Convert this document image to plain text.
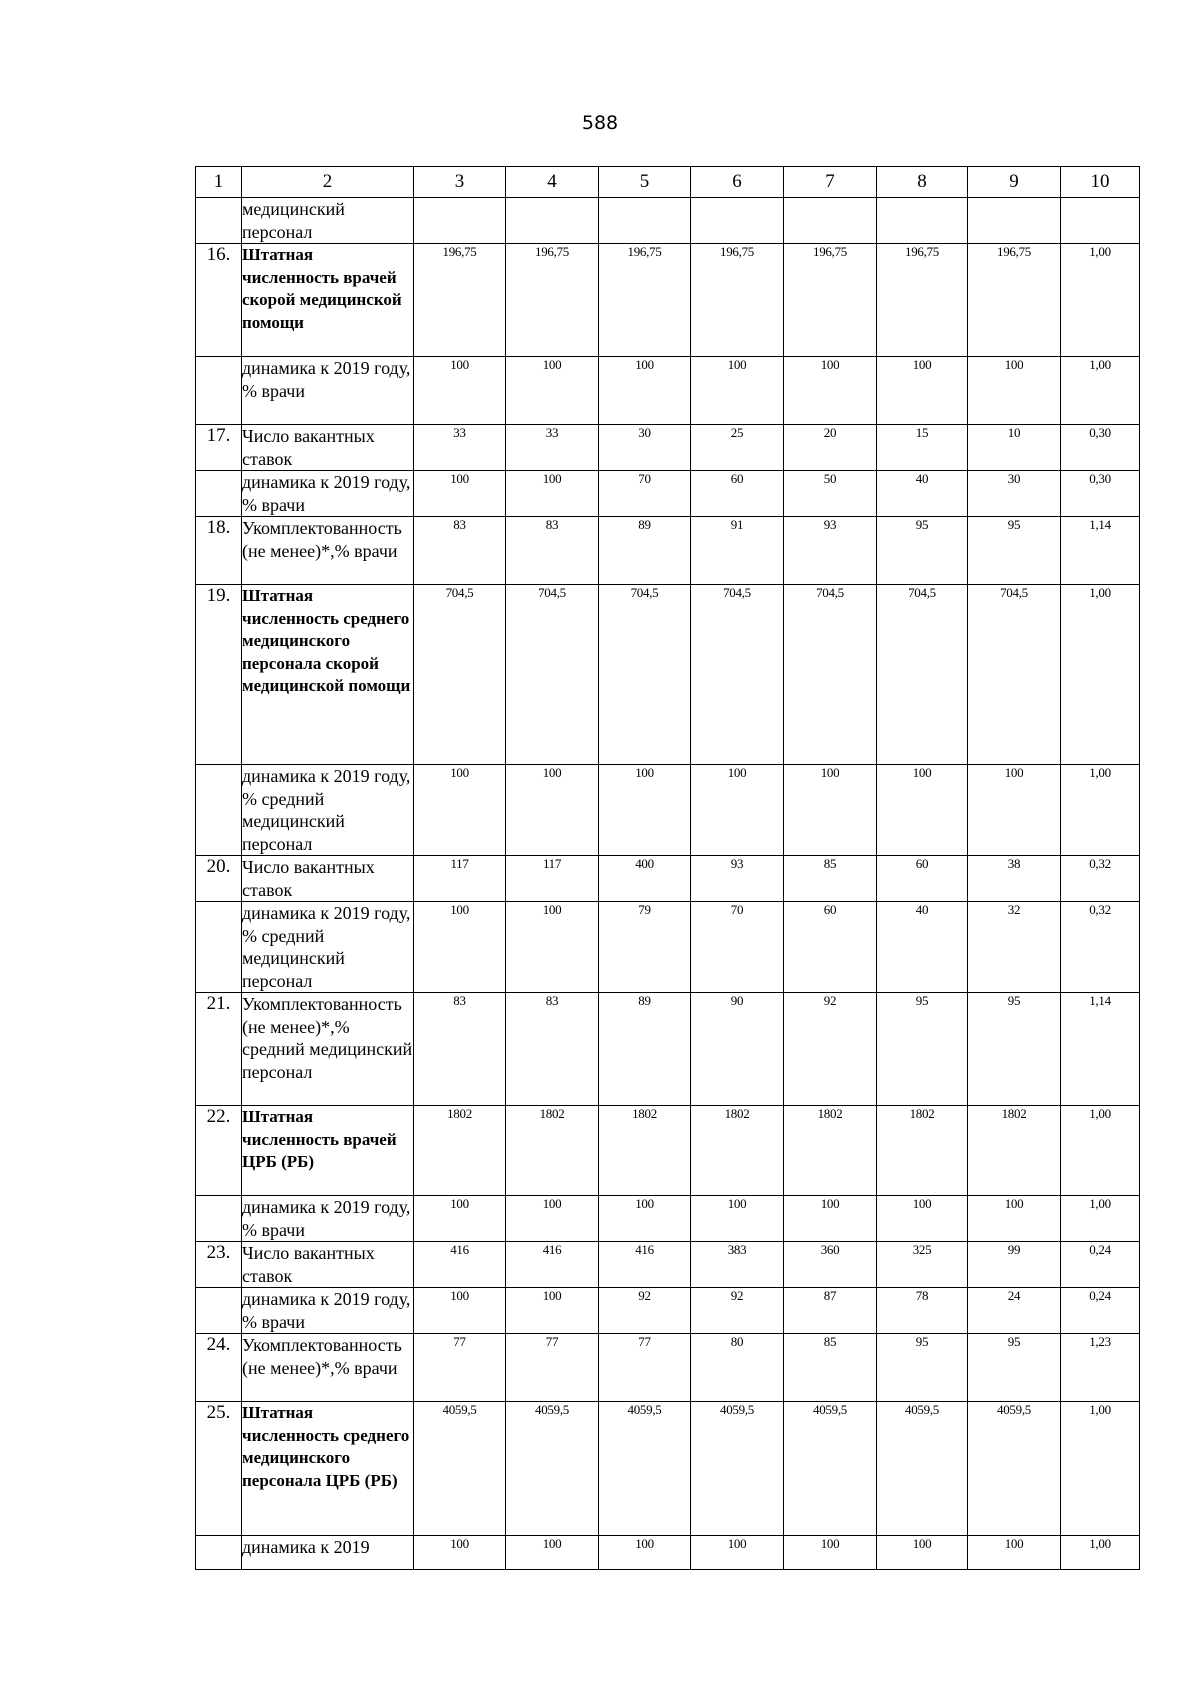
588
1	2	3	4	5	6	7	8	9	10
	медицинский персонал								
16.	Штатная численность врачей скорой медицинской помощи	196,75	196,75	196,75	196,75	196,75	196,75	196,75	1,00
	динамика к 2019 году, % врачи	100	100	100	100	100	100	100	1,00
17.	Число вакантных ставок	33	33	30	25	20	15	10	0,30
	динамика к 2019 году, % врачи	100	100	70	60	50	40	30	0,30
18.	Укомплектованность (не менее)*,% врачи	83	83	89	91	93	95	95	1,14
19.	Штатная численность среднего медицинского персонала скорой медицинской помощи	704,5	704,5	704,5	704,5	704,5	704,5	704,5	1,00
	динамика к 2019 году, % средний медицинский персонал	100	100	100	100	100	100	100	1,00
20.	Число вакантных ставок	117	117	400	93	85	60	38	0,32
	динамика к 2019 году, % средний медицинский персонал	100	100	79	70	60	40	32	0,32
21.	Укомплектованность (не менее)*,% средний медицинский персонал	83	83	89	90	92	95	95	1,14
22.	Штатная численность врачей ЦРБ (РБ)	1802	1802	1802	1802	1802	1802	1802	1,00
	динамика к 2019 году, % врачи	100	100	100	100	100	100	100	1,00
23.	Число вакантных ставок	416	416	416	383	360	325	99	0,24
	динамика к 2019 году, % врачи	100	100	92	92	87	78	24	0,24
24.	Укомплектованность (не менее)*,% врачи	77	77	77	80	85	95	95	1,23
25.	Штатная численность среднего медицинского персонала ЦРБ (РБ)	4059,5	4059,5	4059,5	4059,5	4059,5	4059,5	4059,5	1,00
	динамика к 2019	100	100	100	100	100	100	100	1,00
